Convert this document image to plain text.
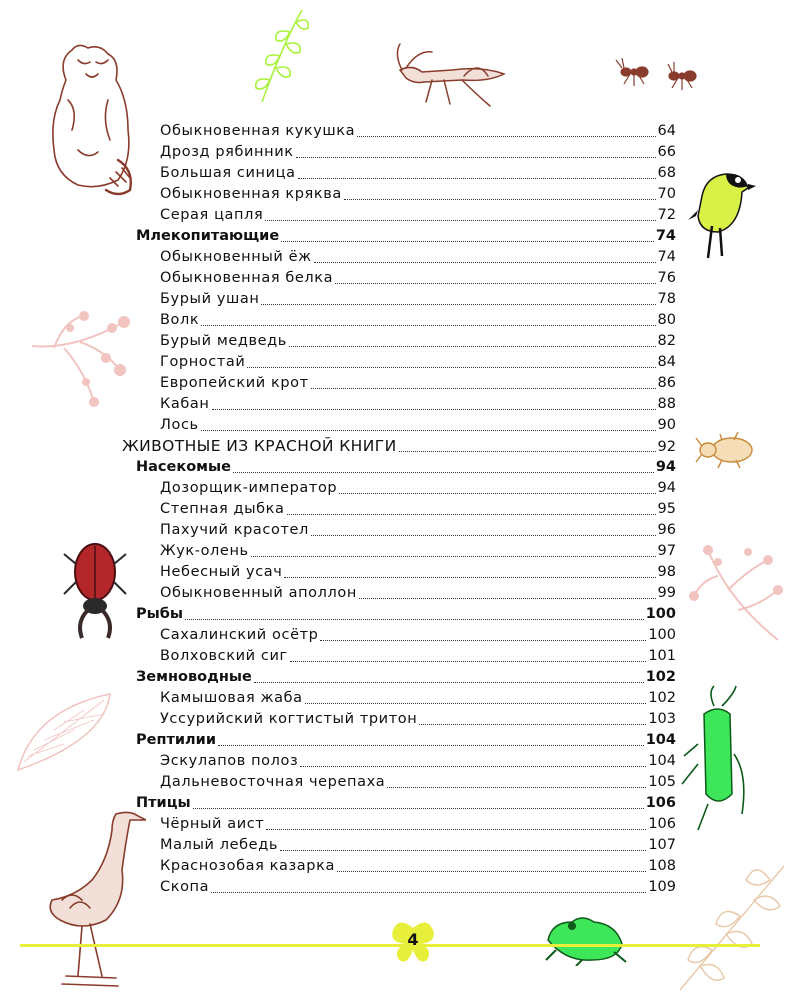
Обыкновенная кукушка	64
Дрозд рябинник	66
Большая синица	68
Обыкновенная кряква	70
Серая цапля	72
Млекопитающие	74
Обыкновенный ёж	74
Обыкновенная белка	76
Бурый ушан	78
Волк	80
Бурый медведь	82
Горностай	84
Европейский крот	86
Кабан	88
Лось	90
ЖИВОТНЫЕ ИЗ КРАСНОЙ КНИГИ	92
Насекомые	94
Дозорщик-император	94
Степная дыбка	95
Пахучий красотел	96
Жук-олень	97
Небесный усач	98
Обыкновенный аполлон	99
Рыбы	100
Сахалинский осётр	100
Волховский сиг	101
Земноводные	102
Камышовая жаба	102
Уссурийский когтистый тритон	103
Рептилии	104
Эскулапов полоз	104
Дальневосточная черепаха	105
Птицы	106
Чёрный аист	106
Малый лебедь	107
Краснозобая казарка	108
Скопа	109
4
